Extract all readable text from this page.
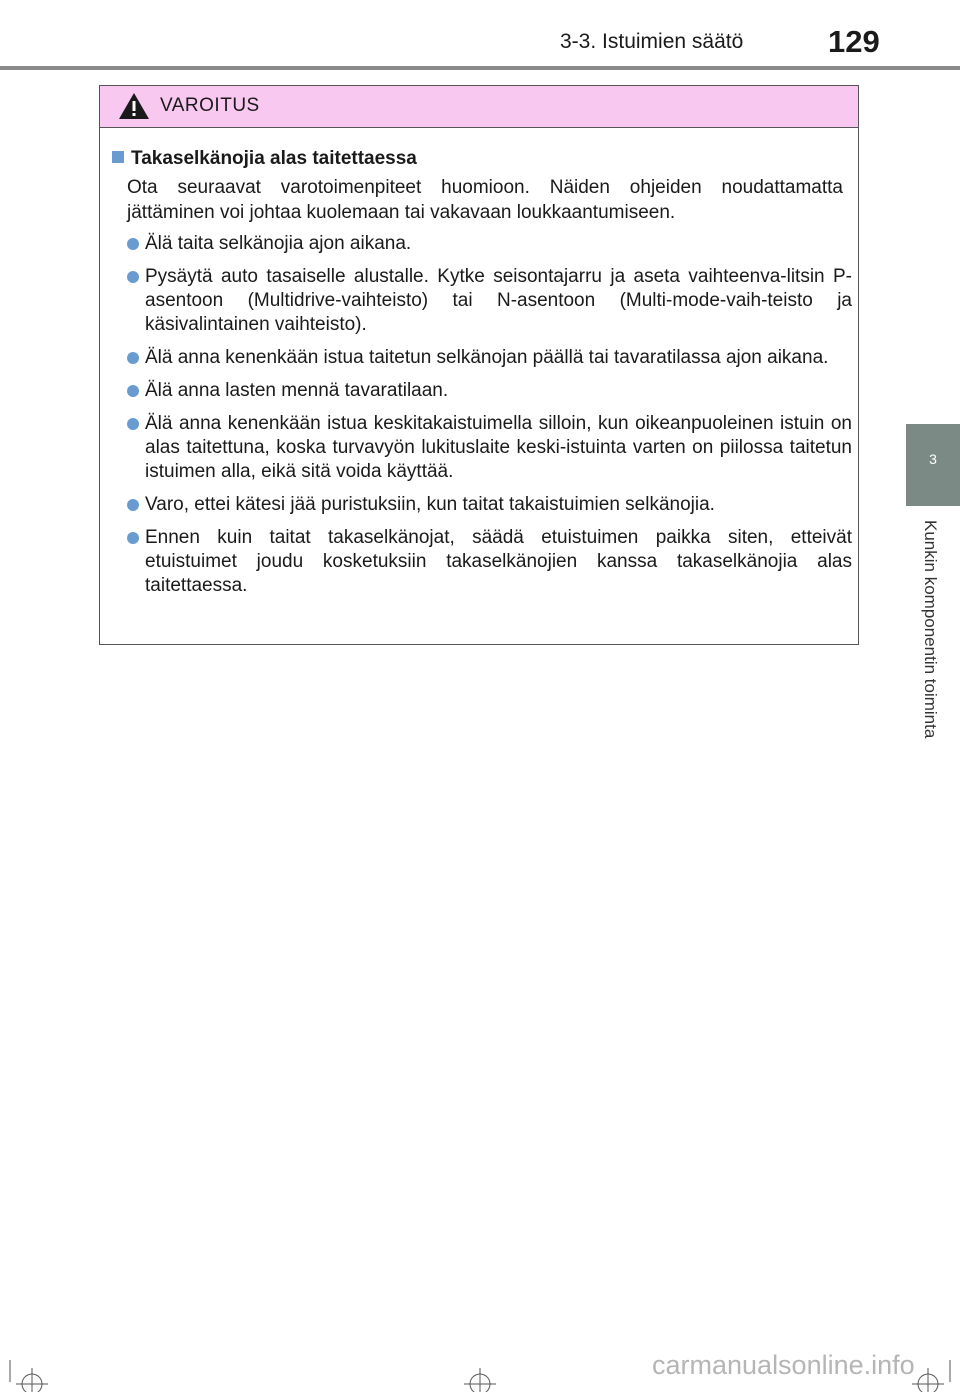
3-3. Istuimien säätö	129
3
Kunkin komponentin toiminta
VAROITUS
Takaselkänojia alas taitettaessa
Ota seuraavat varotoimenpiteet huomioon. Näiden ohjeiden noudattamatta jättäminen voi johtaa kuolemaan tai vakavaan loukkaantumiseen.
Älä taita selkänojia ajon aikana.
Pysäytä auto tasaiselle alustalle. Kytke seisontajarru ja aseta vaihteenva-litsin P-asentoon (Multidrive-vaihteisto) tai N-asentoon (Multi-mode-vaih-teisto ja käsivalintainen vaihteisto).
Älä anna kenenkään istua taitetun selkänojan päällä tai tavaratilassa ajon aikana.
Älä anna lasten mennä tavaratilaan.
Älä anna kenenkään istua keskitakaistuimella silloin, kun oikeanpuoleinen istuin on alas taitettuna, koska turvavyön lukituslaite keski-istuinta varten on piilossa taitetun istuimen alla, eikä sitä voida käyttää.
Varo, ettei kätesi jää puristuksiin, kun taitat takaistuimien selkänojia.
Ennen kuin taitat takaselkänojat, säädä etuistuimen paikka siten, etteivät etuistuimet joudu kosketuksiin takaselkänojien kanssa takaselkänojia alas taitettaessa.
carmanualsonline.info
